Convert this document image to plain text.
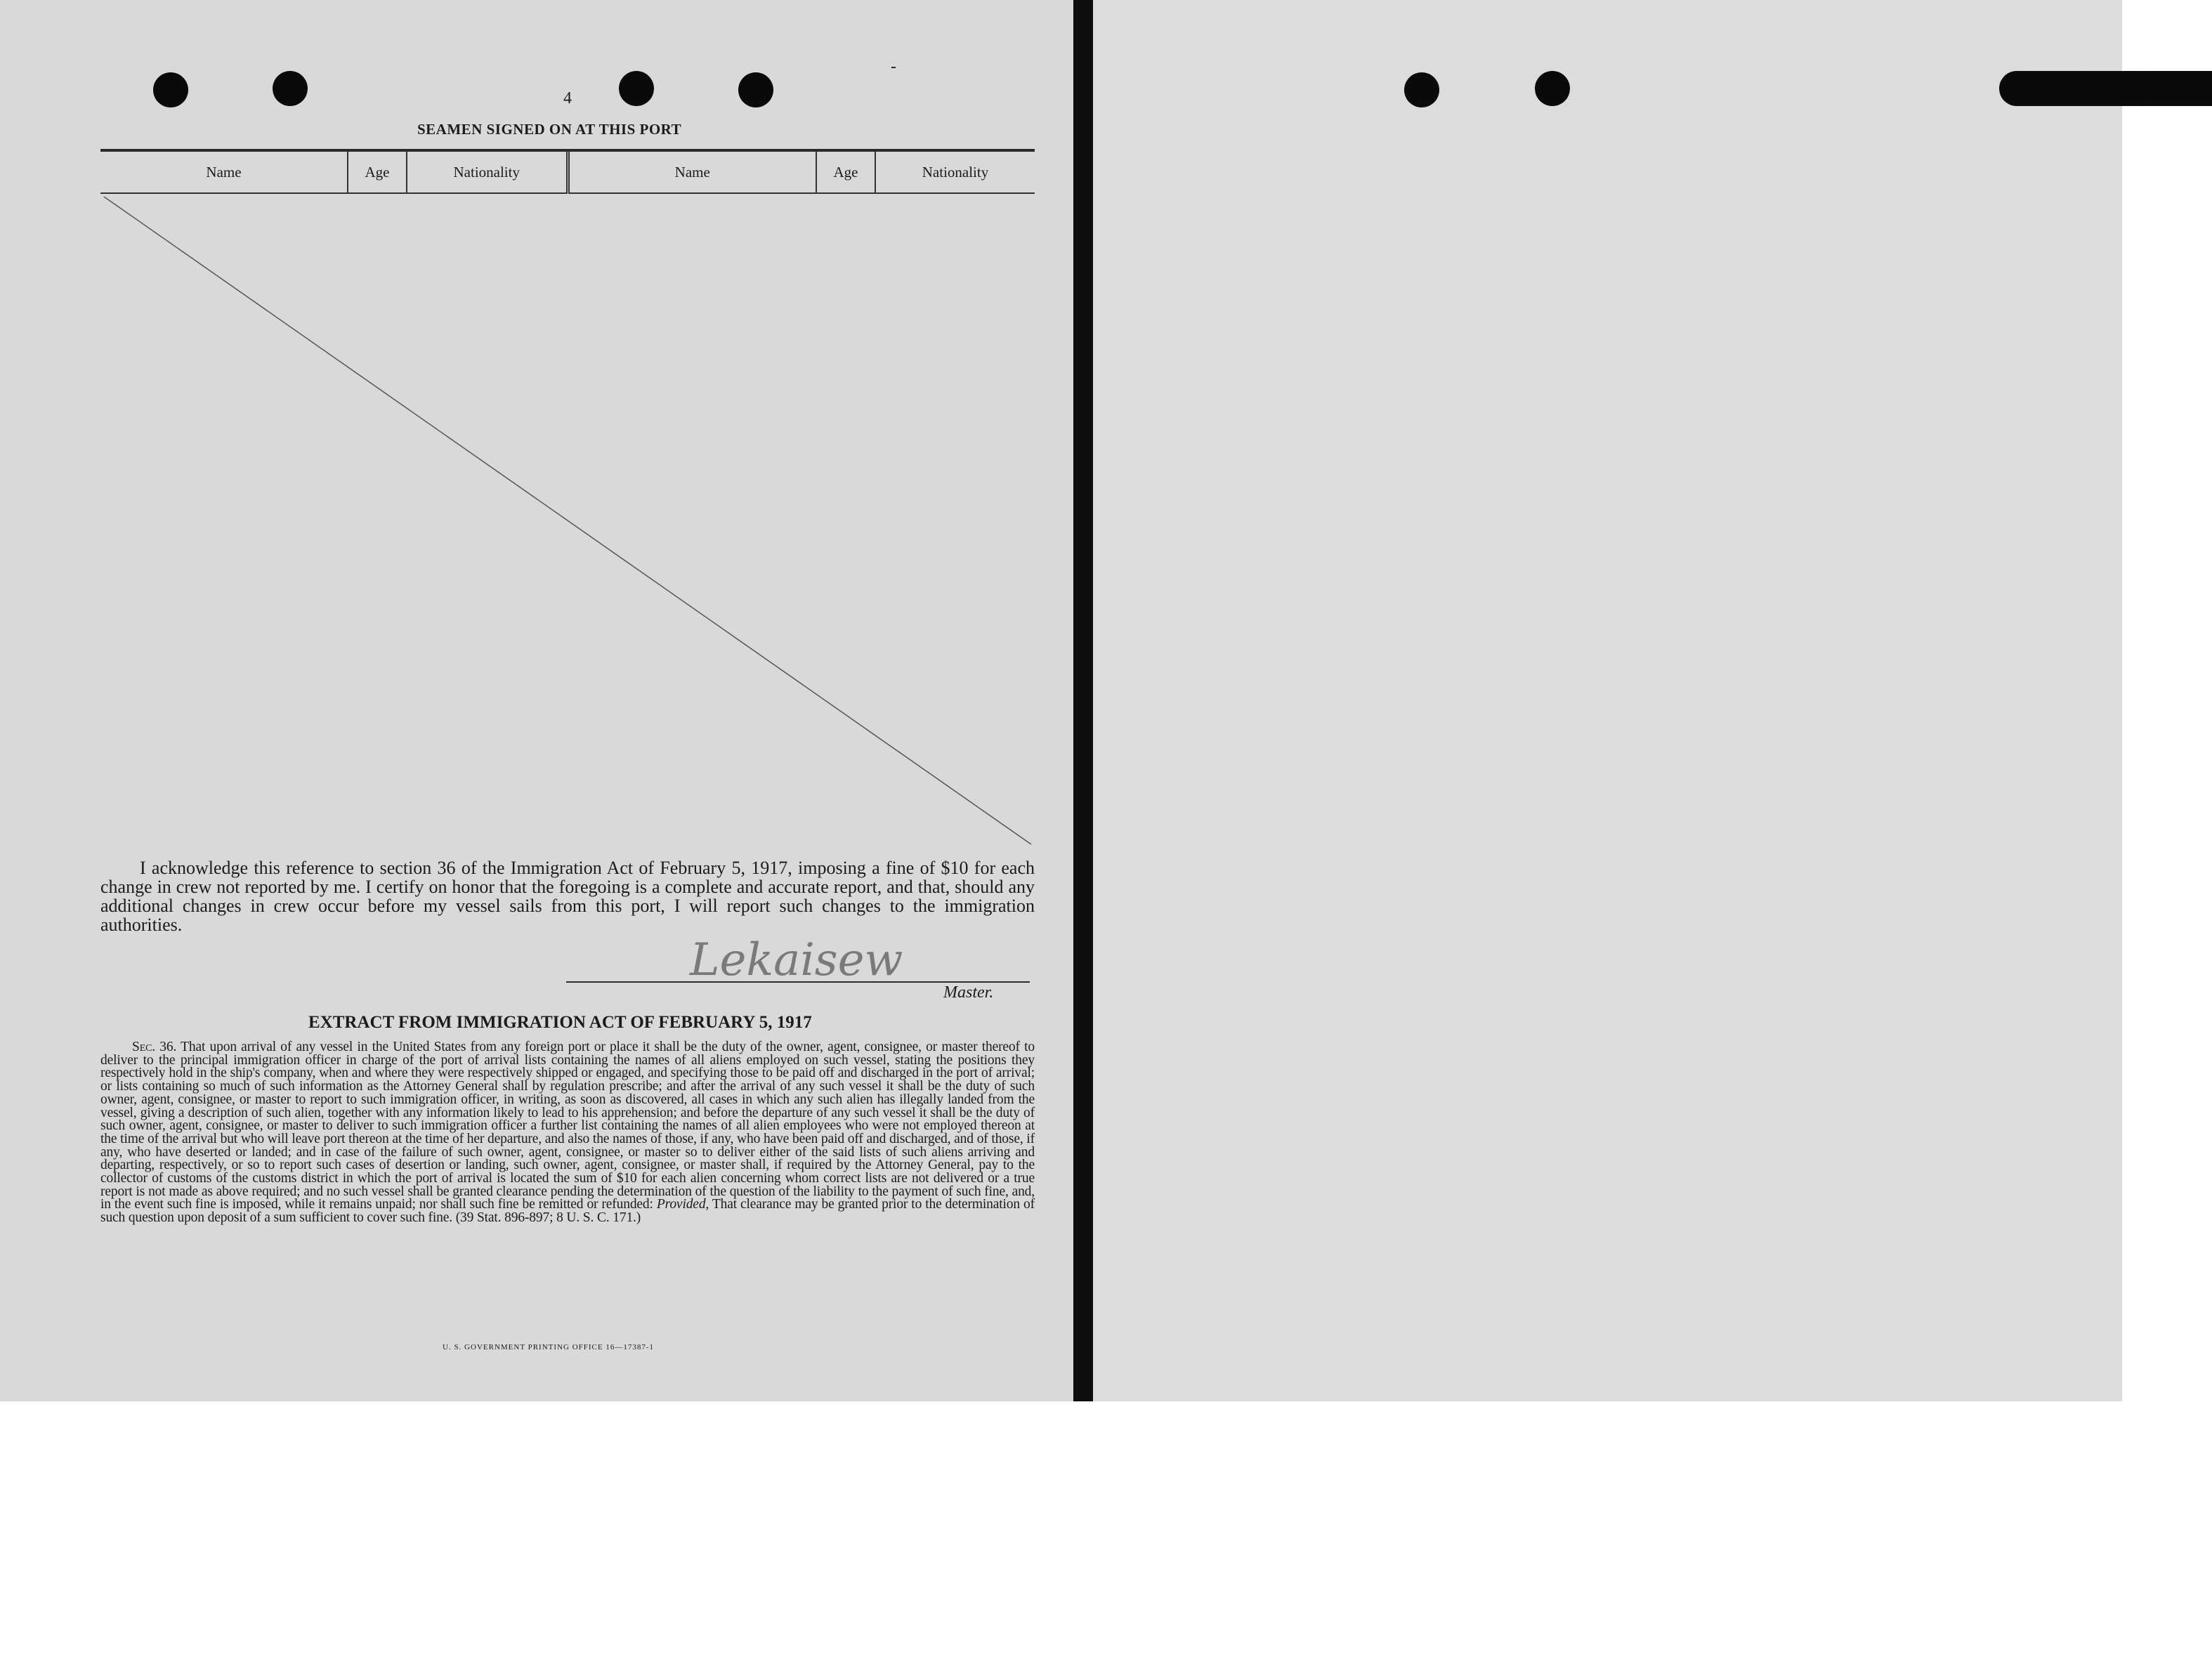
4
-
SEAMEN SIGNED ON AT THIS PORT
Name	Age	Nationality	Name	Age	Nationality
I acknowledge this reference to section 36 of the Immigration Act of February 5, 1917, imposing a fine of $10 for each change in crew not reported by me. I certify on honor that the foregoing is a complete and accurate report, and that, should any additional changes in crew occur before my vessel sails from this port, I will report such changes to the immigration authorities.
Lekaisew
Master.
EXTRACT FROM IMMIGRATION ACT OF FEBRUARY 5, 1917
Sec. 36. That upon arrival of any vessel in the United States from any foreign port or place it shall be the duty of the owner, agent, consignee, or master thereof to deliver to the principal immigration officer in charge of the port of arrival lists containing the names of all aliens employed on such vessel, stating the positions they respectively hold in the ship's company, when and where they were respectively shipped or engaged, and specifying those to be paid off and discharged in the port of arrival; or lists containing so much of such information as the Attorney General shall by regulation prescribe; and after the arrival of any such vessel it shall be the duty of such owner, agent, consignee, or master to report to such immigration officer, in writing, as soon as discovered, all cases in which any such alien has illegally landed from the vessel, giving a description of such alien, together with any information likely to lead to his apprehension; and before the departure of any such vessel it shall be the duty of such owner, agent, consignee, or master to deliver to such immigration officer a further list containing the names of all alien employees who were not employed thereon at the time of the arrival but who will leave port thereon at the time of her departure, and also the names of those, if any, who have been paid off and discharged, and of those, if any, who have deserted or landed; and in case of the failure of such owner, agent, consignee, or master so to deliver either of the said lists of such aliens arriving and departing, respectively, or so to report such cases of desertion or landing, such owner, agent, consignee, or master shall, if required by the Attorney General, pay to the collector of customs of the customs district in which the port of arrival is located the sum of $10 for each alien concerning whom correct lists are not delivered or a true report is not made as above required; and no such vessel shall be granted clearance pending the determination of the question of the liability to the payment of such fine, and, in the event such fine is imposed, while it remains unpaid; nor shall such fine be remitted or refunded: Provided, That clearance may be granted prior to the determination of such question upon deposit of a sum sufficient to cover such fine. (39 Stat. 896-897; 8 U. S. C. 171.)
U. S. GOVERNMENT PRINTING OFFICE 16—17387-1
